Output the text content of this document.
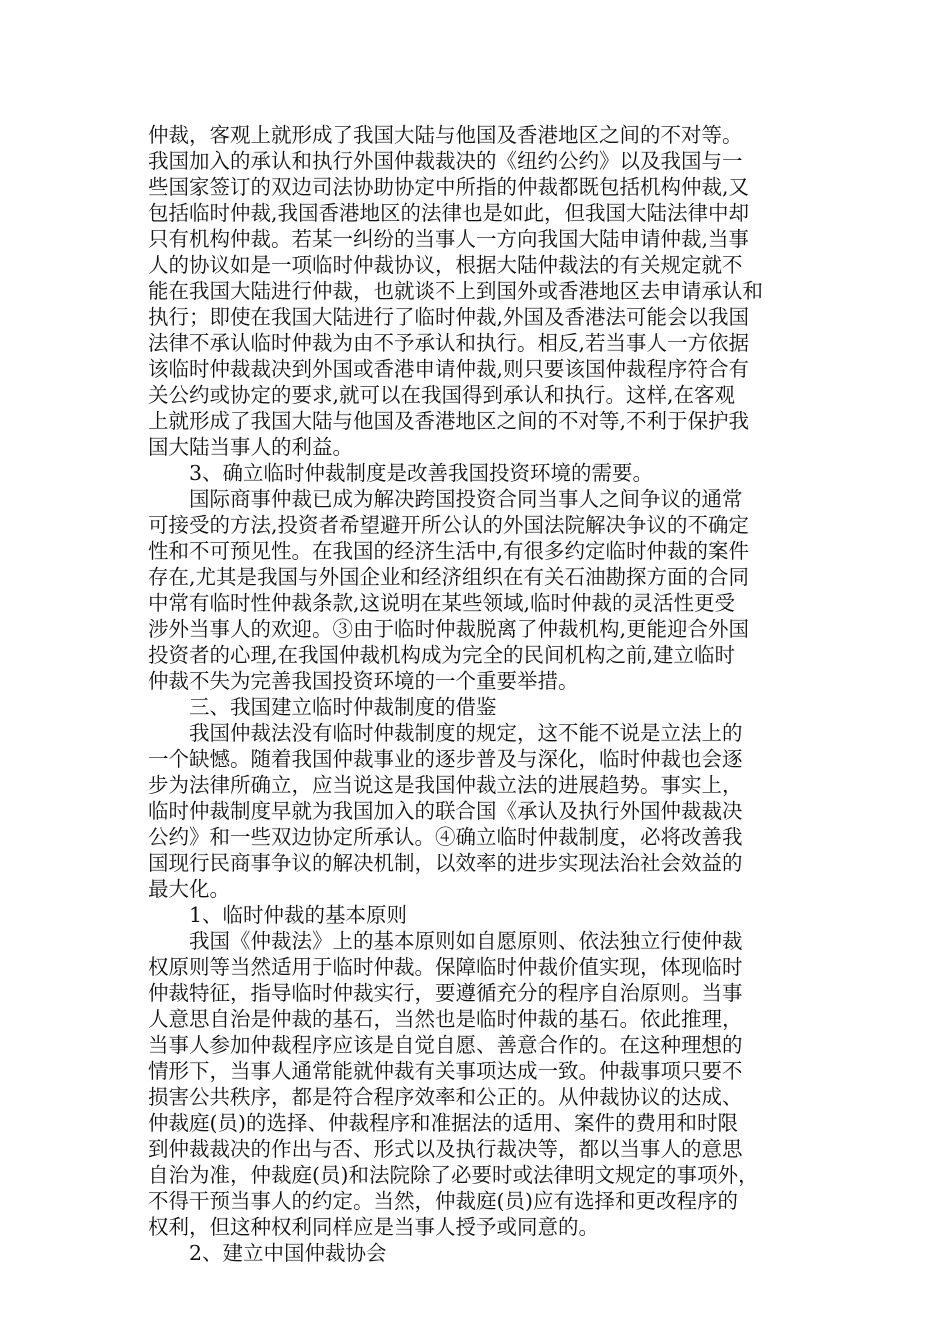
仲裁，客观上就形成了我国大陆与他国及香港地区之间的不对等。
我国加入的承认和执行外国仲裁裁决的《纽约公约》以及我国与一
些国家签订的双边司法协助协定中所指的仲裁都既包括机构仲裁,又
包括临时仲裁,我国香港地区的法律也是如此，但我国大陆法律中却
只有机构仲裁。若某一纠纷的当事人一方向我国大陆申请仲裁,当事
人的协议如是一项临时仲裁协议，根据大陆仲裁法的有关规定就不
能在我国大陆进行仲裁，也就谈不上到国外或香港地区去申请承认和
执行；即使在我国大陆进行了临时仲裁,外国及香港法可能会以我国
法律不承认临时仲裁为由不予承认和执行。相反,若当事人一方依据
该临时仲裁裁决到外国或香港申请仲裁,则只要该国仲裁程序符合有
关公约或协定的要求,就可以在我国得到承认和执行。这样,在客观
上就形成了我国大陆与他国及香港地区之间的不对等,不利于保护我
国大陆当事人的利益。
3、确立临时仲裁制度是改善我国投资环境的需要。
国际商事仲裁已成为解决跨国投资合同当事人之间争议的通常
可接受的方法,投资者希望避开所公认的外国法院解决争议的不确定
性和不可预见性。在我国的经济生活中,有很多约定临时仲裁的案件
存在,尤其是我国与外国企业和经济组织在有关石油勘探方面的合同
中常有临时性仲裁条款,这说明在某些领域,临时仲裁的灵活性更受
涉外当事人的欢迎。③由于临时仲裁脱离了仲裁机构,更能迎合外国
投资者的心理,在我国仲裁机构成为完全的民间机构之前,建立临时
仲裁不失为完善我国投资环境的一个重要举措。
三、我国建立临时仲裁制度的借鉴
我国仲裁法没有临时仲裁制度的规定，这不能不说是立法上的
一个缺憾。随着我国仲裁事业的逐步普及与深化，临时仲裁也会逐
步为法律所确立，应当说这是我国仲裁立法的进展趋势。事实上，
临时仲裁制度早就为我国加入的联合国《承认及执行外国仲裁裁决
公约》和一些双边协定所承认。④确立临时仲裁制度，必将改善我
国现行民商事争议的解决机制，以效率的进步实现法治社会效益的
最大化。
1、临时仲裁的基本原则
我国《仲裁法》上的基本原则如自愿原则、依法独立行使仲裁
权原则等当然适用于临时仲裁。保障临时仲裁价值实现，体现临时
仲裁特征，指导临时仲裁实行，要遵循充分的程序自治原则。当事
人意思自治是仲裁的基石，当然也是临时仲裁的基石。依此推理，
当事人参加仲裁程序应该是自觉自愿、善意合作的。在这种理想的
情形下，当事人通常能就仲裁有关事项达成一致。仲裁事项只要不
损害公共秩序，都是符合程序效率和公正的。从仲裁协议的达成、
仲裁庭(员)的选择、仲裁程序和准据法的适用、案件的费用和时限
到仲裁裁决的作出与否、形式以及执行裁决等，都以当事人的意思
自治为准，仲裁庭(员)和法院除了必要时或法律明文规定的事项外，
不得干预当事人的约定。当然，仲裁庭(员)应有选择和更改程序的
权利，但这种权利同样应是当事人授予或同意的。
2、建立中国仲裁协会
